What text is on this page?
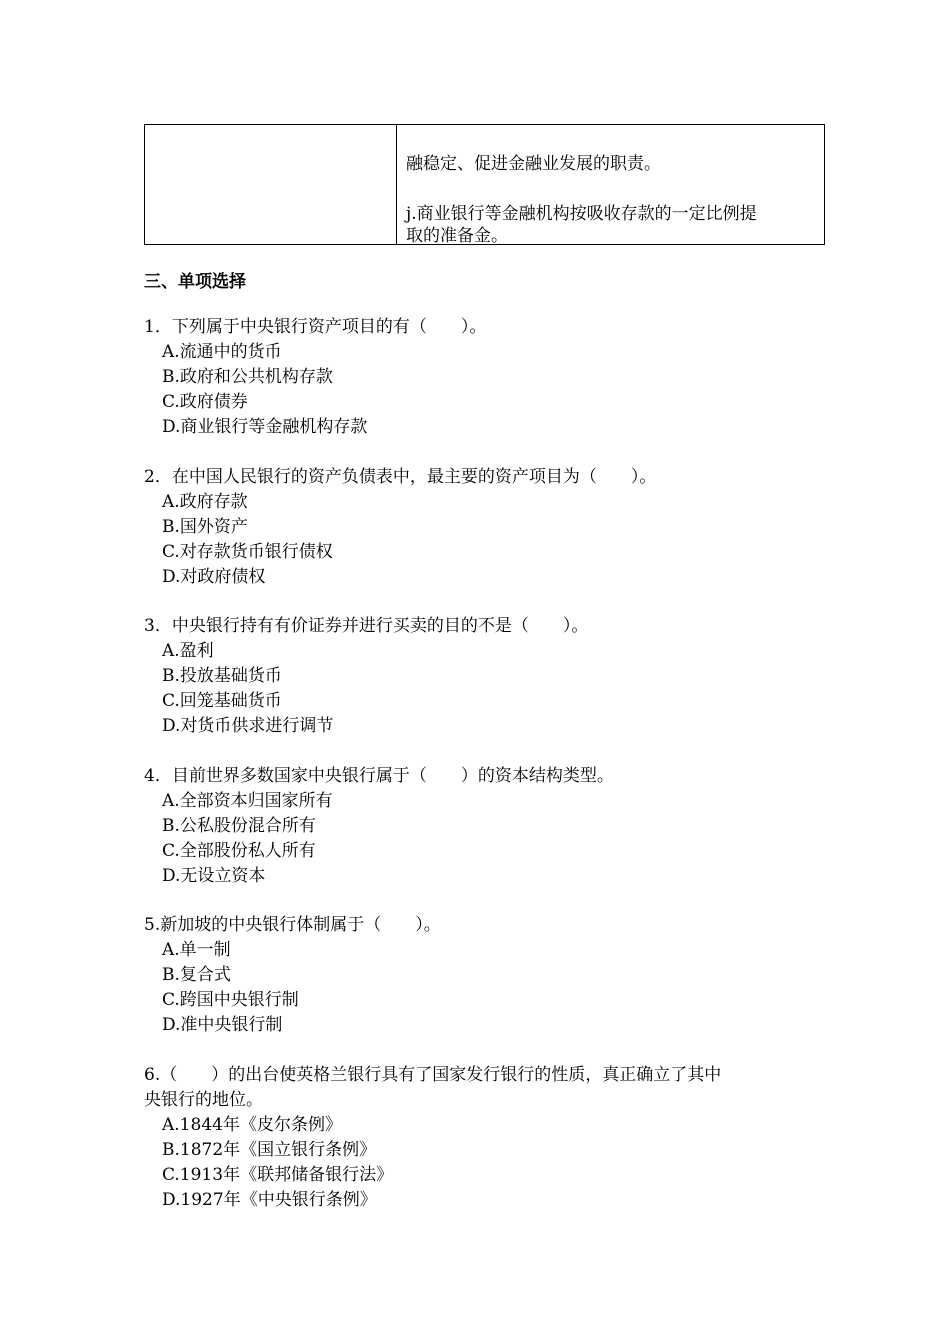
融稳定、促进金融业发展的职责。
j.商业银行等金融机构按吸收存款的一定比例提
取的准备金。
三、单项选择
1．下列属于中央银行资产项目的有（　　）。
A.流通中的货币
B.政府和公共机构存款
C.政府债券
D.商业银行等金融机构存款
2．在中国人民银行的资产负债表中，最主要的资产项目为（　　）。
A.政府存款
B.国外资产
C.对存款货币银行债权
D.对政府债权
3．中央银行持有有价证券并进行买卖的目的不是（　　）。
A.盈利
B.投放基础货币
C.回笼基础货币
D.对货币供求进行调节
4．目前世界多数国家中央银行属于（　　）的资本结构类型。
A.全部资本归国家所有
B.公私股份混合所有
C.全部股份私人所有
D.无设立资本
5.新加坡的中央银行体制属于（　　）。
A.单一制
B.复合式
C.跨国中央银行制
D.准中央银行制
6.（　　）的出台使英格兰银行具有了国家发行银行的性质，真正确立了其中
央银行的地位。
A.1844年《皮尔条例》
B.1872年《国立银行条例》
C.1913年《联邦储备银行法》
D.1927年《中央银行条例》
